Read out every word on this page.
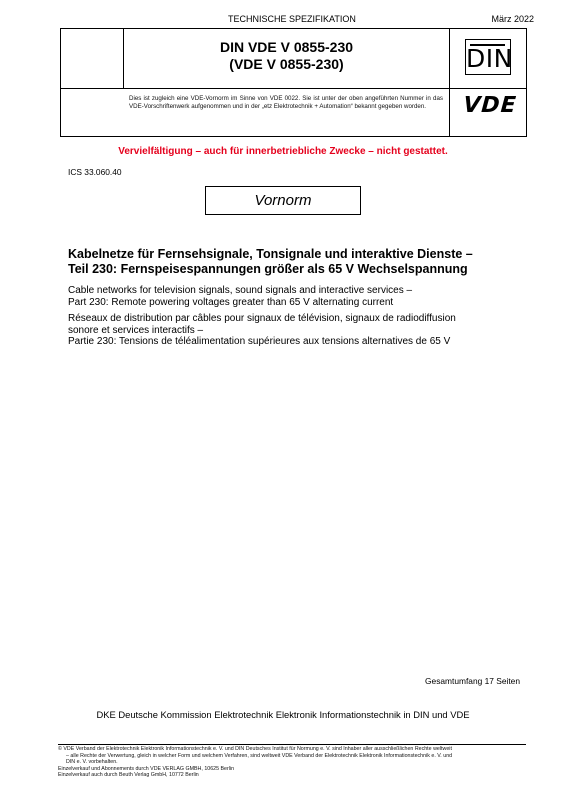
TECHNISCHE SPEZIFIKATION	März 2022
DIN VDE V 0855-230
(VDE V 0855-230)	DIN
Dies ist zugleich eine VDE-Vornorm im Sinne von VDE 0022. Sie ist unter der oben angeführten Nummer in das VDE-Vorschriftenwerk aufgenommen und in der „etz Elektrotechnik + Automation“ bekannt gegeben worden.	VDE
Vervielfältigung – auch für innerbetriebliche Zwecke – nicht gestattet.
ICS 33.060.40
Vornorm
Kabelnetze für Fernsehsignale, Tonsignale und interaktive Dienste –
Teil 230: Fernspeisespannungen größer als 65 V Wechselspannung
Cable networks for television signals, sound signals and interactive services –
Part 230: Remote powering voltages greater than 65 V alternating current
Réseaux de distribution par câbles pour signaux de télévision, signaux de radiodiffusion
sonore et services interactifs –
Partie 230: Tensions de téléalimentation supérieures aux tensions alternatives de 65 V
Gesamtumfang 17 Seiten
DKE Deutsche Kommission Elektrotechnik Elektronik Informationstechnik in DIN und VDE
© VDE Verband der Elektrotechnik Elektronik Informationstechnik e. V. und DIN Deutsches Institut für Normung e. V. sind Inhaber aller ausschließlichen Rechte weltweit
– alle Rechte der Verwertung, gleich in welcher Form und welchem Verfahren, sind weltweit VDE Verband der Elektrotechnik Elektronik Informationstechnik e. V. und
DIN e. V. vorbehalten.
Einzelverkauf und Abonnements durch VDE VERLAG GMBH, 10625 Berlin
Einzelverkauf auch durch Beuth Verlag GmbH, 10772 Berlin
